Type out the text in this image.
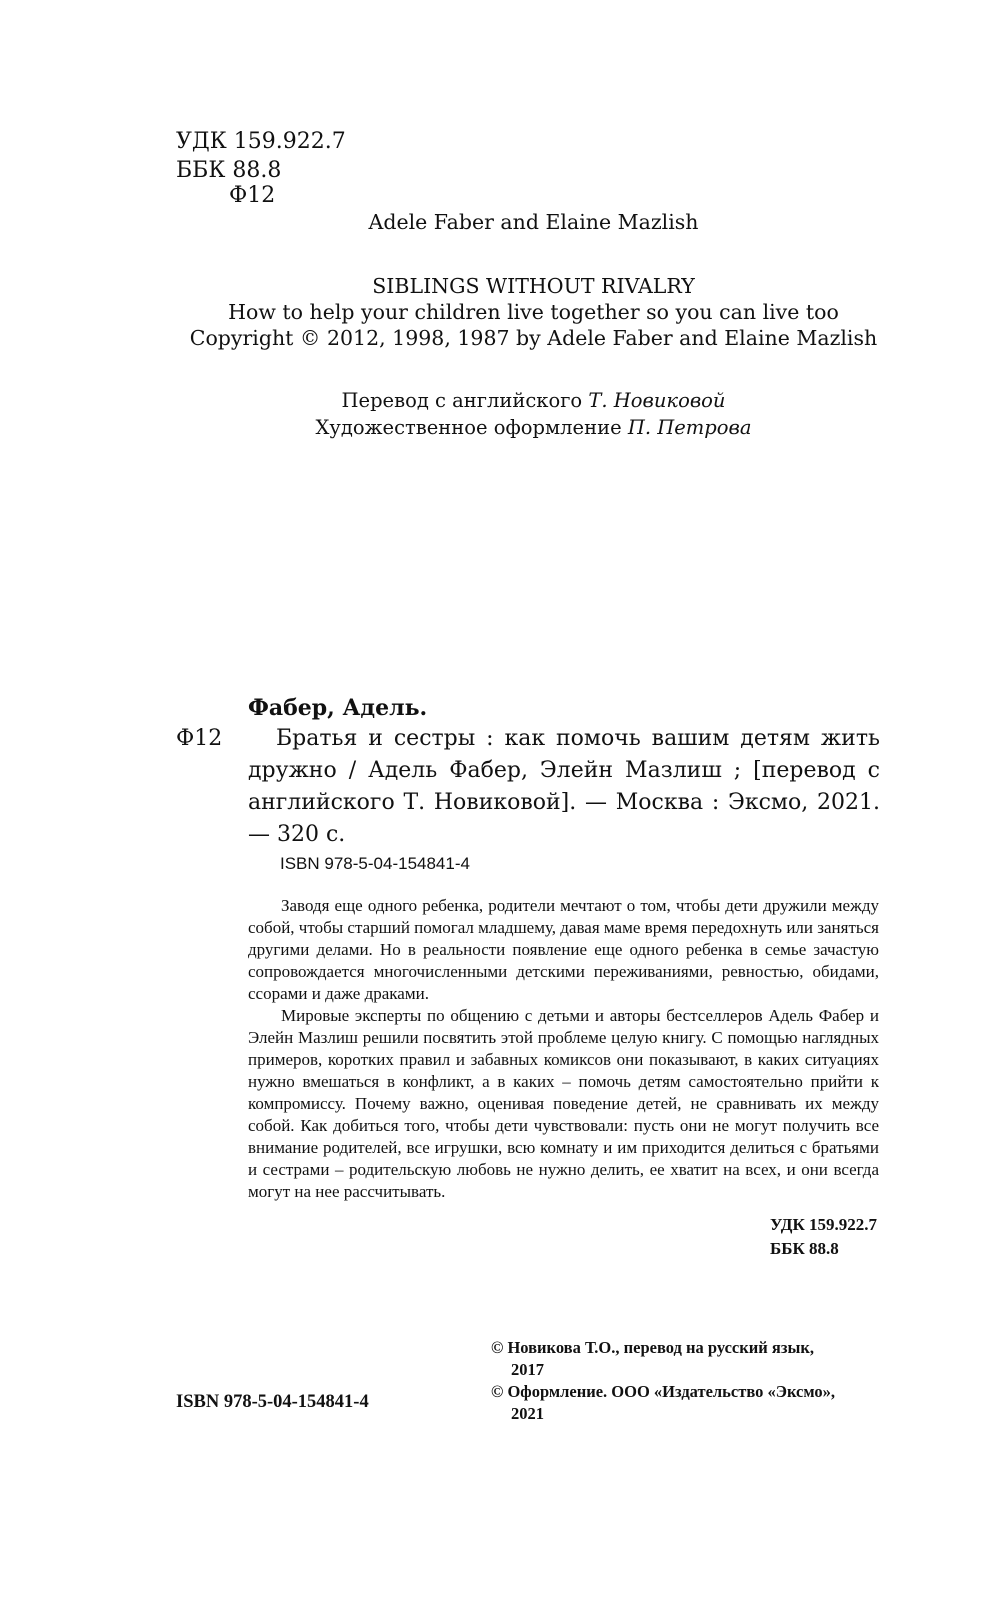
УДК 159.922.7
ББК 88.8
Ф12
Adele Faber and Elaine Mazlish
SIBLINGS WITHOUT RIVALRY
How to help your children live together so you can live too
Copyright © 2012, 1998, 1987 by Adele Faber and Elaine Mazlish
Перевод с английского Т. Новиковой
Художественное оформление П. Петрова
Фабер, Адель.
Ф12	Братья и сестры : как помочь вашим детям жить дружно / Адель Фабер, Элейн Мазлиш ; [перевод с английского Т. Новиковой]. — Москва : Эксмо, 2021. — 320 с.
ISBN 978-5-04-154841-4

Заводя еще одного ребенка, родители мечтают о том, чтобы дети дружили между собой, чтобы старший помогал младшему, давая маме время передохнуть или заняться другими делами. Но в реальности появление еще одного ребенка в семье зачастую сопровождается многочисленными детскими переживаниями, ревностью, обидами, ссорами и даже драками.

Мировые эксперты по общению с детьми и авторы бестселлеров Адель Фабер и Элейн Мазлиш решили посвятить этой проблеме целую книгу. С помощью наглядных примеров, коротких правил и забавных комиксов они показывают, в каких ситуациях нужно вмешаться в конфликт, а в каких – помочь детям самостоятельно прийти к компромиссу. Почему важно, оценивая поведение детей, не сравнивать их между собой. Как добиться того, чтобы дети чувствовали: пусть они не могут получить все внимание родителей, все игрушки, всю комнату и им приходится делиться с братьями и сестрами – родительскую любовь не нужно делить, ее хватит на всех, и они всегда могут на нее рассчитывать.

УДК 159.922.7
ББК 88.8
© Новикова Т.О., перевод на русский язык,
2017
© Оформление. ООО «Издательство «Эксмо»,
2021
ISBN 978-5-04-154841-4
